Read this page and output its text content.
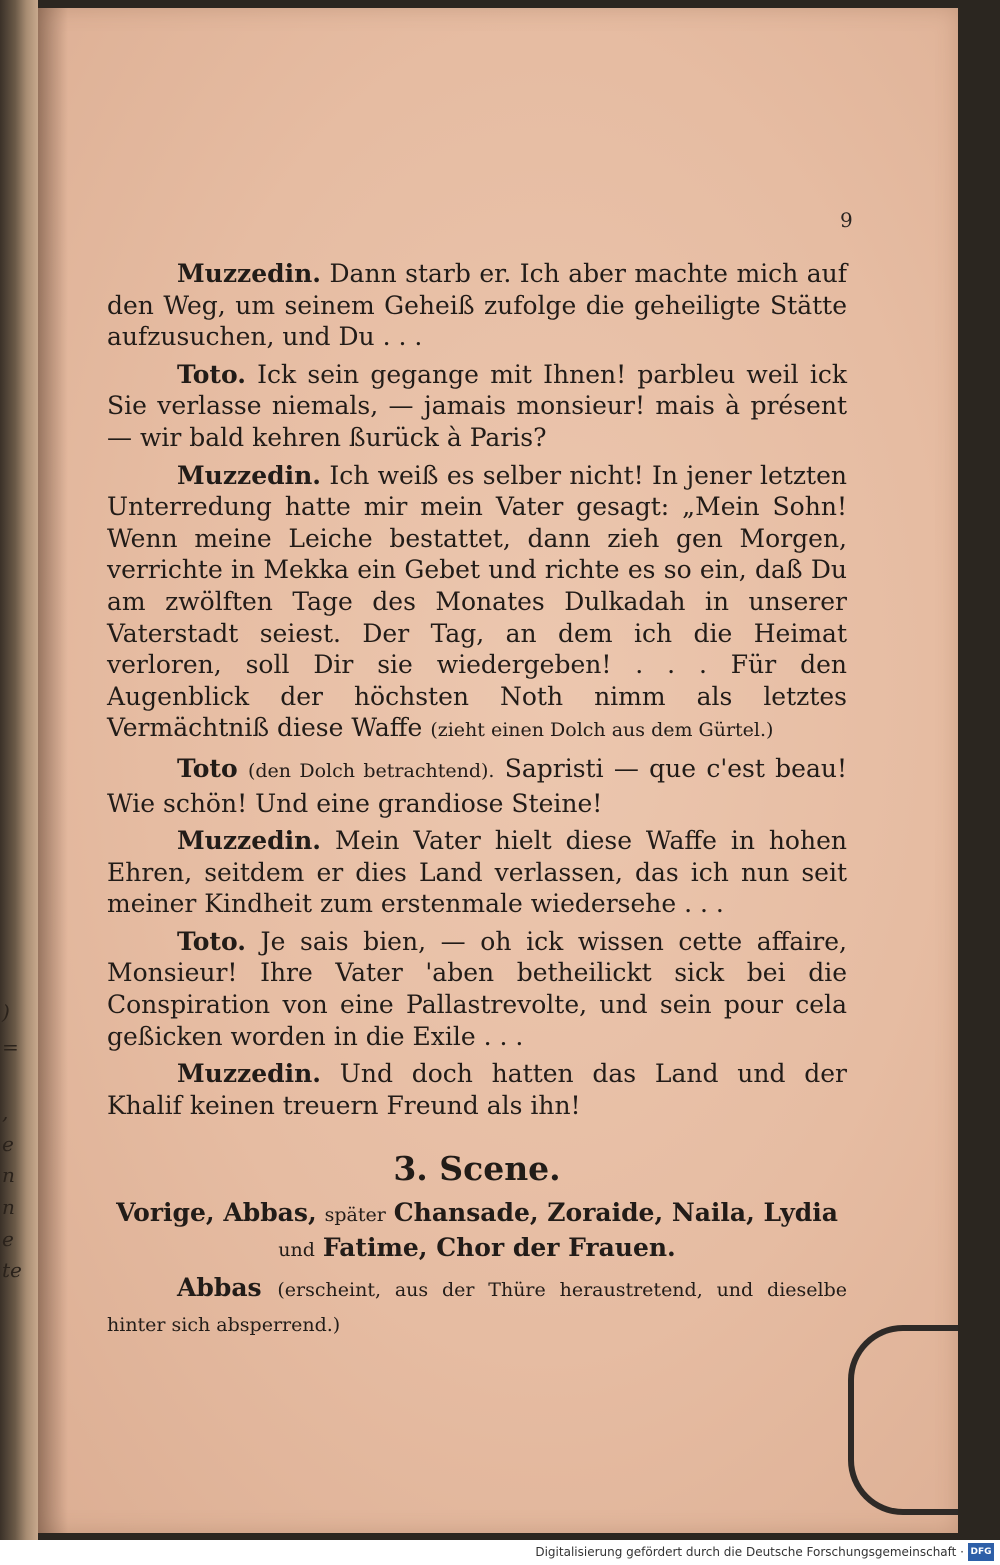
)
=
,
e
n
n
e
te
9

Muzzedin. Dann starb er. Ich aber machte mich auf den Weg, um seinem Geheiß zufolge die geheiligte Stätte aufzusuchen, und Du . . .

Toto. Ick sein gegange mit Ihnen! parbleu weil ick Sie verlasse niemals, — jamais monsieur! mais à présent — wir bald kehren ßurück à Paris?

Muzzedin. Ich weiß es selber nicht! In jener letzten Unterredung hatte mir mein Vater gesagt: „Mein Sohn! Wenn meine Leiche bestattet, dann zieh gen Morgen, verrichte in Mekka ein Gebet und richte es so ein, daß Du am zwölften Tage des Monates Dulkadah in unserer Vaterstadt seiest. Der Tag, an dem ich die Heimat verloren, soll Dir sie wiedergeben! . . . Für den Augenblick der höchsten Noth nimm als letztes Vermächtniß diese Waffe (zieht einen Dolch aus dem Gürtel.)

Toto (den Dolch betrachtend). Sapristi — que c'est beau! Wie schön! Und eine grandiose Steine!

Muzzedin. Mein Vater hielt diese Waffe in hohen Ehren, seitdem er dies Land verlassen, das ich nun seit meiner Kindheit zum erstenmale wiedersehe . . .

Toto. Je sais bien, — oh ick wissen cette affaire, Monsieur! Ihre Vater 'aben betheilickt sick bei die Conspiration von eine Pallastrevolte, und sein pour cela geßicken worden in die Exile . . .

Muzzedin. Und doch hatten das Land und der Khalif keinen treuern Freund als ihn!

3. Scene.

Vorige, Abbas, später Chansade, Zoraide, Naila, Lydia
und Fatime, Chor der Frauen.

Abbas (erscheint, aus der Thüre heraustretend, und dieselbe hinter sich absperrend.)

Digitalisierung gefördert durch die Deutsche Forschungsgemeinschaft · DFG
